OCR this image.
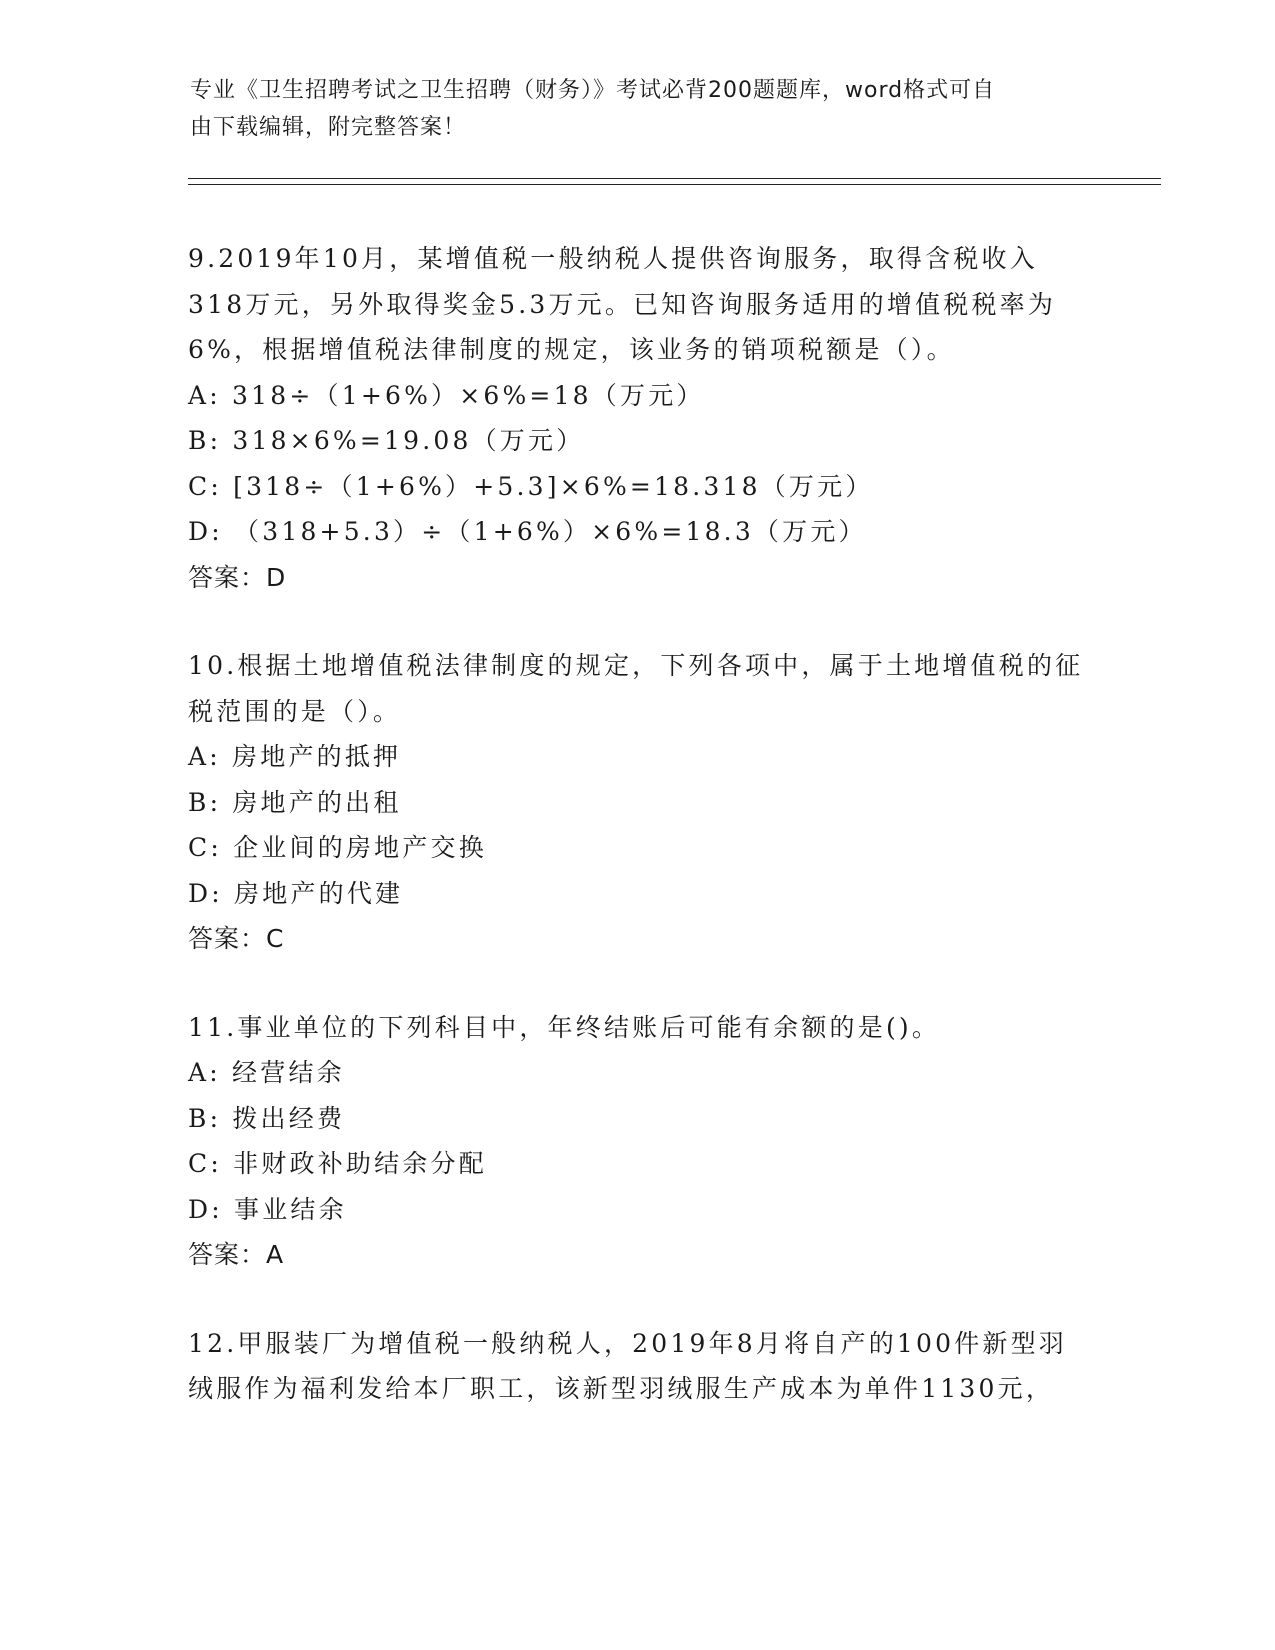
专业《卫生招聘考试之卫生招聘（财务）》考试必背200题题库，word格式可自
由下载编辑，附完整答案！
9.2019年10月，某增值税一般纳税人提供咨询服务，取得含税收入318万元，另外取得奖金5.3万元。已知咨询服务适用的增值税税率为6%，根据增值税法律制度的规定，该业务的销项税额是（）。
A: 318÷（1+6%）×6%=18（万元）
B: 318×6%=19.08（万元）
C: [318÷（1+6%）+5.3]×6%=18.318（万元）
D: （318+5.3）÷（1+6%）×6%=18.3（万元）
答案：D
10.根据土地增值税法律制度的规定，下列各项中，属于土地增值税的征税范围的是（）。
A: 房地产的抵押
B: 房地产的出租
C: 企业间的房地产交换
D: 房地产的代建
答案：C
11.事业单位的下列科目中，年终结账后可能有余额的是()。
A: 经营结余
B: 拨出经费
C: 非财政补助结余分配
D: 事业结余
答案：A
12.甲服装厂为增值税一般纳税人，2019年8月将自产的100件新型羽绒服作为福利发给本厂职工，该新型羽绒服生产成本为单件1130元，
